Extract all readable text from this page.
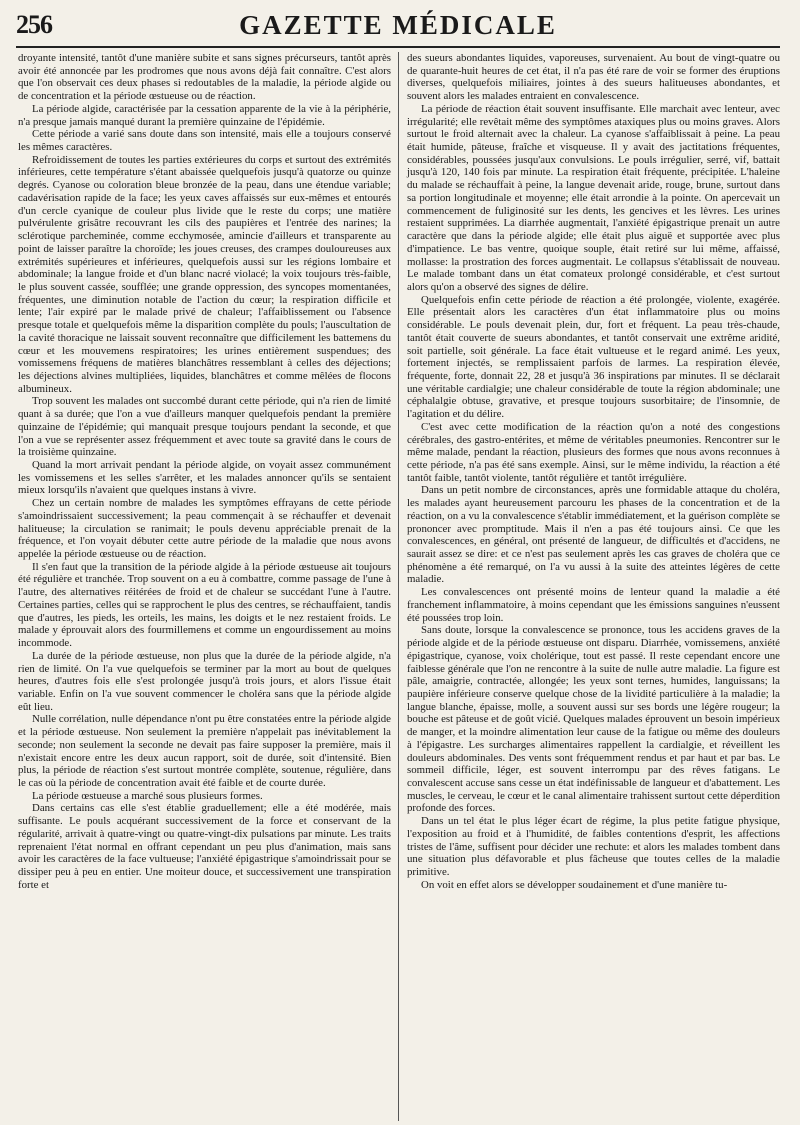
256	GAZETTE MÉDICALE

droyante intensité, tantôt d'une manière subite et sans signes précurseurs, tantôt après avoir été annoncée par les prodromes que nous avons déjà fait connaître. C'est alors que l'on observait ces deux phases si redoutables de la maladie, la période algide ou de concentration et la période œstueuse ou de réaction.

La période algide, caractérisée par la cessation apparente de la vie à la périphérie, n'a presque jamais manqué durant la première quinzaine de l'épidémie.

Cette période a varié sans doute dans son intensité, mais elle a toujours conservé les mêmes caractères.

Refroidissement de toutes les parties extérieures du corps et surtout des extrémités inférieures, cette température s'étant abaissée quelquefois jusqu'à quatorze ou quinze degrés. Cyanose ou coloration bleue bronzée de la peau, dans une étendue variable; cadavérisation rapide de la face; les yeux caves affaissés sur eux-mêmes et entourés d'un cercle cyanique de couleur plus livide que le reste du corps; une matière pulvérulente grisâtre recouvrant les cils des paupières et l'entrée des narines; la sclérotique parcheminée, comme ecchymosée, amincie d'ailleurs et transparente au point de laisser paraître la choroïde; les joues creuses, des crampes douloureuses aux extrémités supérieures et inférieures, quelquefois aussi sur les régions lombaire et abdominale; la langue froide et d'un blanc nacré violacé; la voix toujours très-faible, le plus souvent cassée, soufflée; une grande oppression, des syncopes momentanées, fréquentes, une diminution notable de l'action du cœur; la respiration difficile et lente; l'air expiré par le malade privé de chaleur; l'affaiblissement ou l'absence presque totale et quelquefois même la disparition complète du pouls; l'auscultation de la cavité thoracique ne laissait souvent reconnaître que difficilement les battemens du cœur et les mouvemens respiratoires; les urines entièrement suspendues; des vomissemens fréquens de matières blanchâtres ressemblant à celles des déjections; les déjections alvines multipliées, liquides, blanchâtres et comme mêlées de flocons albumineux.

Trop souvent les malades ont succombé durant cette période, qui n'a rien de limité quant à sa durée; que l'on a vue d'ailleurs manquer quelquefois pendant la première quinzaine de l'épidémie; qui manquait presque toujours pendant la seconde, et que l'on a vue se représenter assez fréquemment et avec toute sa gravité dans le cours de la troisième quinzaine.

Quand la mort arrivait pendant la période algide, on voyait assez communément les vomissemens et les selles s'arrêter, et les malades annoncer qu'ils se sentaient mieux lorsqu'ils n'avaient que quelques instans à vivre.

Chez un certain nombre de malades les symptômes effrayans de cette période s'amoindrissaient successivement; la peau commençait à se réchauffer et devenait halitueuse; la circulation se ranimait; le pouls devenu appréciable prenait de la fréquence, et l'on voyait débuter cette autre période de la maladie que nous avons appelée la période œstueuse ou de réaction.

Il s'en faut que la transition de la période algide à la période œstueuse ait toujours été régulière et tranchée. Trop souvent on a eu à combattre, comme passage de l'une à l'autre, des alternatives réitérées de froid et de chaleur se succédant l'une à l'autre. Certaines parties, celles qui se rapprochent le plus des centres, se réchauffaient, tandis que d'autres, les pieds, les orteils, les mains, les doigts et le nez restaient froids. Le malade y éprouvait alors des fourmillemens et comme un engourdissement au moins incommode.

La durée de la période œstueuse, non plus que la durée de la période algide, n'a rien de limité. On l'a vue quelquefois se terminer par la mort au bout de quelques heures, d'autres fois elle s'est prolongée jusqu'à trois jours, et alors l'issue était variable. Enfin on l'a vue souvent commencer le choléra sans que la période algide eût lieu.

Nulle corrélation, nulle dépendance n'ont pu être constatées entre la période algide et la période œstueuse. Non seulement la première n'appelait pas inévitablement la seconde; non seulement la seconde ne devait pas faire supposer la première, mais il n'existait encore entre les deux aucun rapport, soit de durée, soit d'intensité. Bien plus, la période de réaction s'est surtout montrée complète, soutenue, régulière, dans le cas où la période de concentration avait été faible et de courte durée.

La période œstueuse a marché sous plusieurs formes.

Dans certains cas elle s'est établie graduellement; elle a été modérée, mais suffisante. Le pouls acquérant successivement de la force et conservant de la régularité, arrivait à quatre-vingt ou quatre-vingt-dix pulsations par minute. Les traits reprenaient l'état normal en offrant cependant un peu plus d'animation, mais sans avoir les caractères de la face vultueuse; l'anxiété épigastrique s'amoindrissait pour se dissiper peu à peu en entier. Une moiteur douce, et successivement une transpiration forte et

des sueurs abondantes liquides, vaporeuses, survenaient. Au bout de vingt-quatre ou de quarante-huit heures de cet état, il n'a pas été rare de voir se former des éruptions diverses, quelquefois miliaires, jointes à des sueurs halitueuses abondantes, et souvent alors les malades entraient en convalescence.

La période de réaction était souvent insuffisante. Elle marchait avec lenteur, avec irrégularité; elle revêtait même des symptômes ataxiques plus ou moins graves. Alors surtout le froid alternait avec la chaleur. La cyanose s'affaiblissait à peine. La peau était humide, pâteuse, fraîche et visqueuse. Il y avait des jactitations fréquentes, considérables, poussées jusqu'aux convulsions. Le pouls irrégulier, serré, vif, battait jusqu'à 120, 140 fois par minute. La respiration était fréquente, précipitée. L'haleine du malade se réchauffait à peine, la langue devenait aride, rouge, brune, surtout dans sa portion longitudinale et moyenne; elle était arrondie à la pointe. On apercevait un commencement de fuliginosité sur les dents, les gencives et les lèvres. Les urines restaient supprimées. La diarrhée augmentait, l'anxiété épigastrique prenait un autre caractère que dans la période algide; elle était plus aiguë et supportée avec plus d'impatience. Le bas ventre, quoique souple, était retiré sur lui même, affaissé, mollasse: la prostration des forces augmentait. Le collapsus s'établissait de nouveau. Le malade tombant dans un état comateux prolongé considérable, et c'est surtout alors qu'on a observé des signes de délire.

Quelquefois enfin cette période de réaction a été prolongée, violente, exagérée. Elle présentait alors les caractères d'un état inflammatoire plus ou moins considérable. Le pouls devenait plein, dur, fort et fréquent. La peau très-chaude, tantôt était couverte de sueurs abondantes, et tantôt conservait une extrême aridité, soit partielle, soit générale. La face était vultueuse et le regard animé. Les yeux, fortement injectés, se remplissaient parfois de larmes. La respiration élevée, fréquente, forte, donnait 22, 28 et jusqu'à 36 inspirations par minutes. Il se déclarait une véritable cardialgie; une chaleur considérable de toute la région abdominale; une céphalalgie obtuse, gravative, et presque toujours susorbitaire; de l'insomnie, de l'agitation et du délire.

C'est avec cette modification de la réaction qu'on a noté des congestions cérébrales, des gastro-entérites, et même de véritables pneumonies. Rencontrer sur le même malade, pendant la réaction, plusieurs des formes que nous avons reconnues à cette période, n'a pas été sans exemple. Ainsi, sur le même individu, la réaction a été tantôt faible, tantôt violente, tantôt régulière et tantôt irrégulière.

Dans un petit nombre de circonstances, après une formidable attaque du choléra, les malades ayant heureusement parcouru les phases de la concentration et de la réaction, on a vu la convalescence s'établir immédiatement, et la guérison complète se prononcer avec promptitude. Mais il n'en a pas été toujours ainsi. Ce que les convalescences, en général, ont présenté de langueur, de difficultés et d'accidens, ne saurait assez se dire: et ce n'est pas seulement après les cas graves de choléra que ce phénomène a été remarqué, on l'a vu aussi à la suite des atteintes légères de cette maladie.

Les convalescences ont présenté moins de lenteur quand la maladie a été franchement inflammatoire, à moins cependant que les émissions sanguines n'eussent été poussées trop loin.

Sans doute, lorsque la convalescence se prononce, tous les accidens graves de la période algide et de la période œstueuse ont disparu. Diarrhée, vomissemens, anxiété épigastrique, cyanose, voix cholérique, tout est passé. Il reste cependant encore une faiblesse générale que l'on ne rencontre à la suite de nulle autre maladie. La figure est pâle, amaigrie, contractée, allongée; les yeux sont ternes, humides, languissans; la paupière inférieure conserve quelque chose de la lividité particulière à la maladie; la langue blanche, épaisse, molle, a souvent aussi sur ses bords une légère rougeur; la bouche est pâteuse et de goût vicié. Quelques malades éprouvent un besoin impérieux de manger, et la moindre alimentation leur cause de la fatigue ou même des douleurs à l'épigastre. Les surcharges alimentaires rappellent la cardialgie, et réveillent les douleurs abdominales. Des vents sont fréquemment rendus et par haut et par bas. Le sommeil difficile, léger, est souvent interrompu par des rêves fatigans. Le convalescent accuse sans cesse un état indéfinissable de langueur et d'abattement. Les muscles, le cerveau, le cœur et le canal alimentaire trahissent surtout cette déperdition profonde des forces.

Dans un tel état le plus léger écart de régime, la plus petite fatigue physique, l'exposition au froid et à l'humidité, de faibles contentions d'esprit, les affections tristes de l'âme, suffisent pour décider une rechute: et alors les malades tombent dans une situation plus défavorable et plus fâcheuse que toutes celles de la maladie primitive.

On voit en effet alors se développer soudainement et d'une manière tu-
